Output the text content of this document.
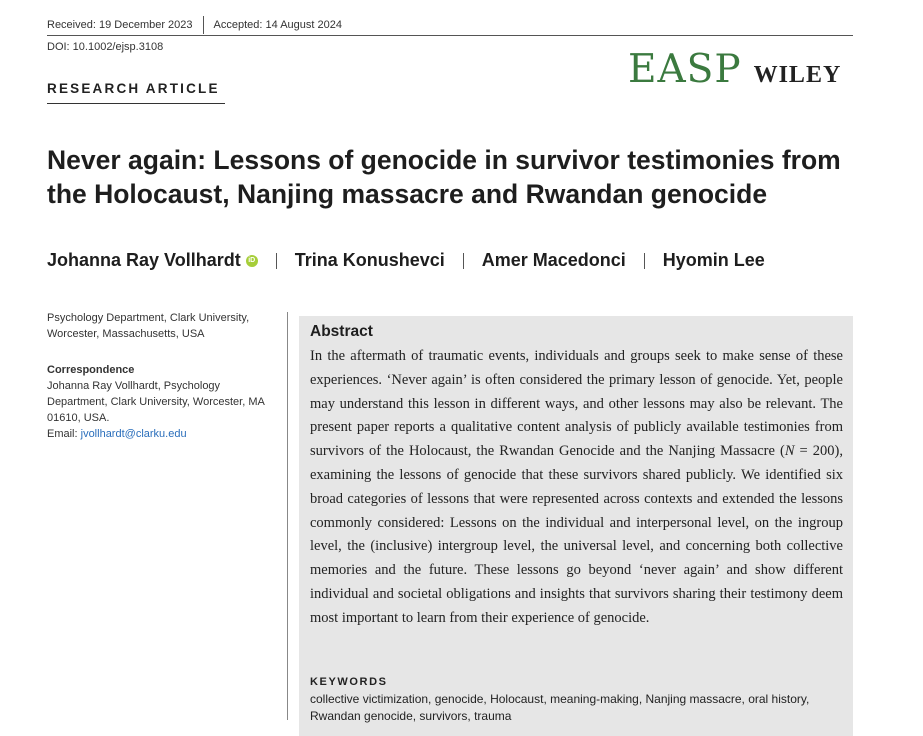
Received: 19 December 2023 Accepted: 14 August 2024
DOI: 10.1002/ejsp.3108
RESEARCH ARTICLE	EASP WILEY
Never again: Lessons of genocide in survivor testimonies from the Holocaust, Nanjing massacre and Rwandan genocide
Johanna Ray Vollhardt	iD Trina Konushevci Amer Macedonci Hyomin Lee
Psychology Department, Clark University,
Worcester, Massachusetts, USA
Correspondence
Johanna Ray Vollhardt, Psychology
Department, Clark University, Worcester, MA
01610, USA.
Email: jvollhardt@clarku.edu
Abstract

In the aftermath of traumatic events, individuals and groups seek to make sense of these experiences. ‘Never again’ is often considered the primary lesson of genocide. Yet, people may understand this lesson in different ways, and other lessons may also be relevant. The present paper reports a qualitative content analysis of publicly available testimonies from survivors of the Holocaust, the Rwandan Genocide and the Nanjing Massacre (N = 200), examining the lessons of genocide that these survivors shared publicly. We identified six broad categories of lessons that were represented across contexts and extended the lessons commonly considered: Lessons on the individual and interpersonal level, on the ingroup level, the (inclusive) intergroup level, the universal level, and concerning both collective memories and the future. These lessons go beyond ‘never again’ and show different individual and societal obligations and insights that survivors sharing their testimony deem most important to learn from their experience of genocide.

KEYWORDS
collective victimization, genocide, Holocaust, meaning-making, Nanjing massacre, oral history, Rwandan genocide, survivors, trauma
